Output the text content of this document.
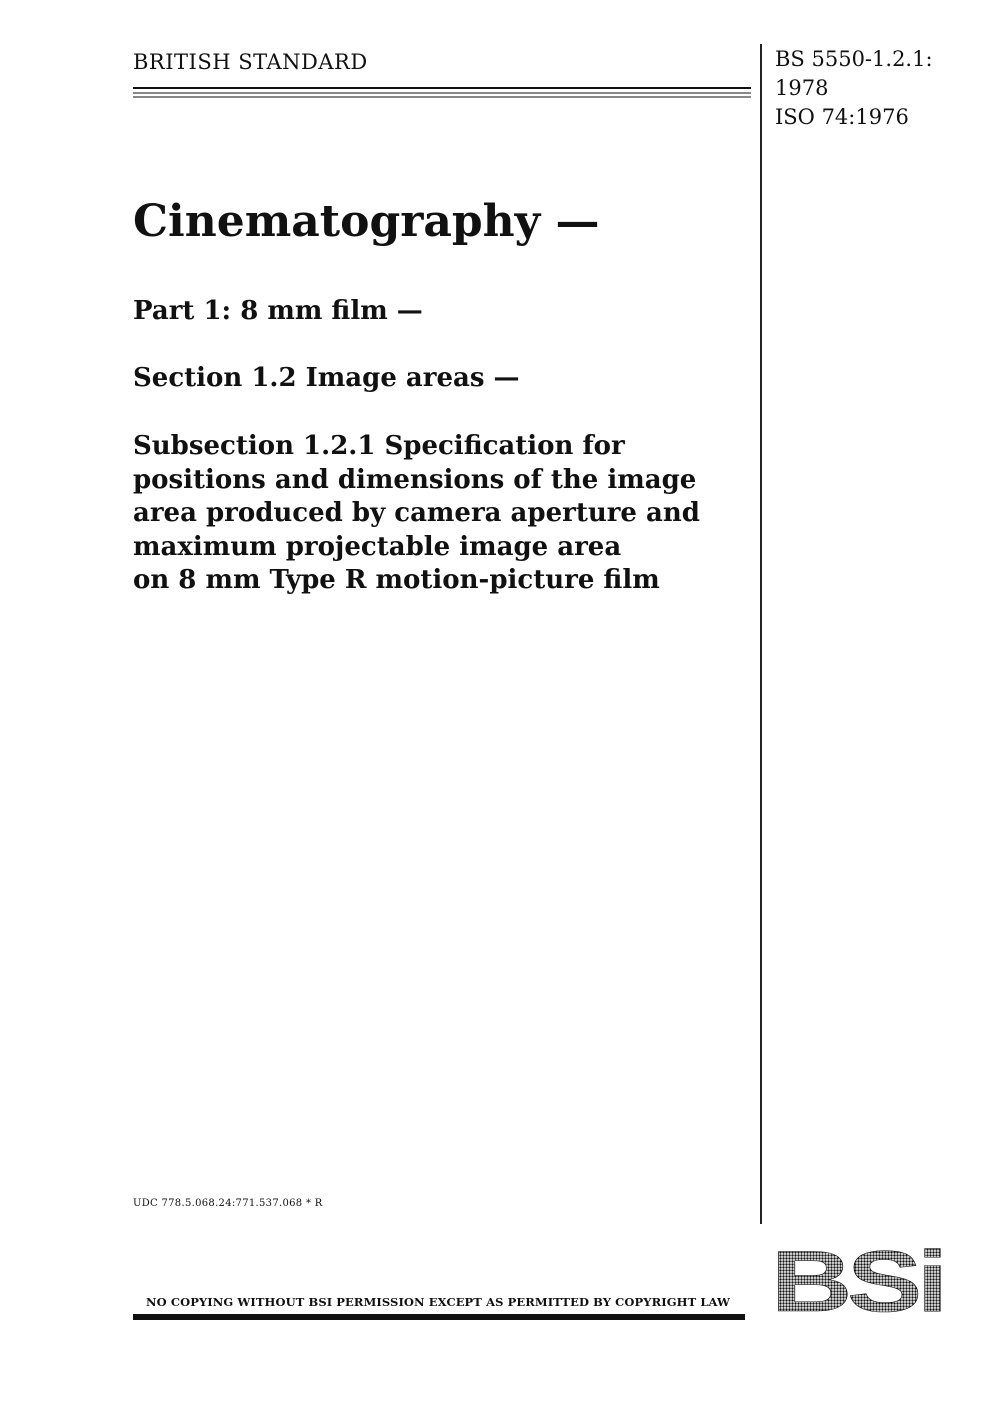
BRITISH STANDARD	BS 5550-1.2.1:
1978
ISO 74:1976
Cinematography —
Part 1: 8 mm film —
Section 1.2 Image areas —
Subsection 1.2.1 Specification for
positions and dimensions of the image
area produced by camera aperture and
maximum projectable image area
on 8 mm Type R motion-picture film
UDC 778.5.068.24:771.537.068 * R
NO COPYING WITHOUT BSI PERMISSION EXCEPT AS PERMITTED BY COPYRIGHT LAW BSi
